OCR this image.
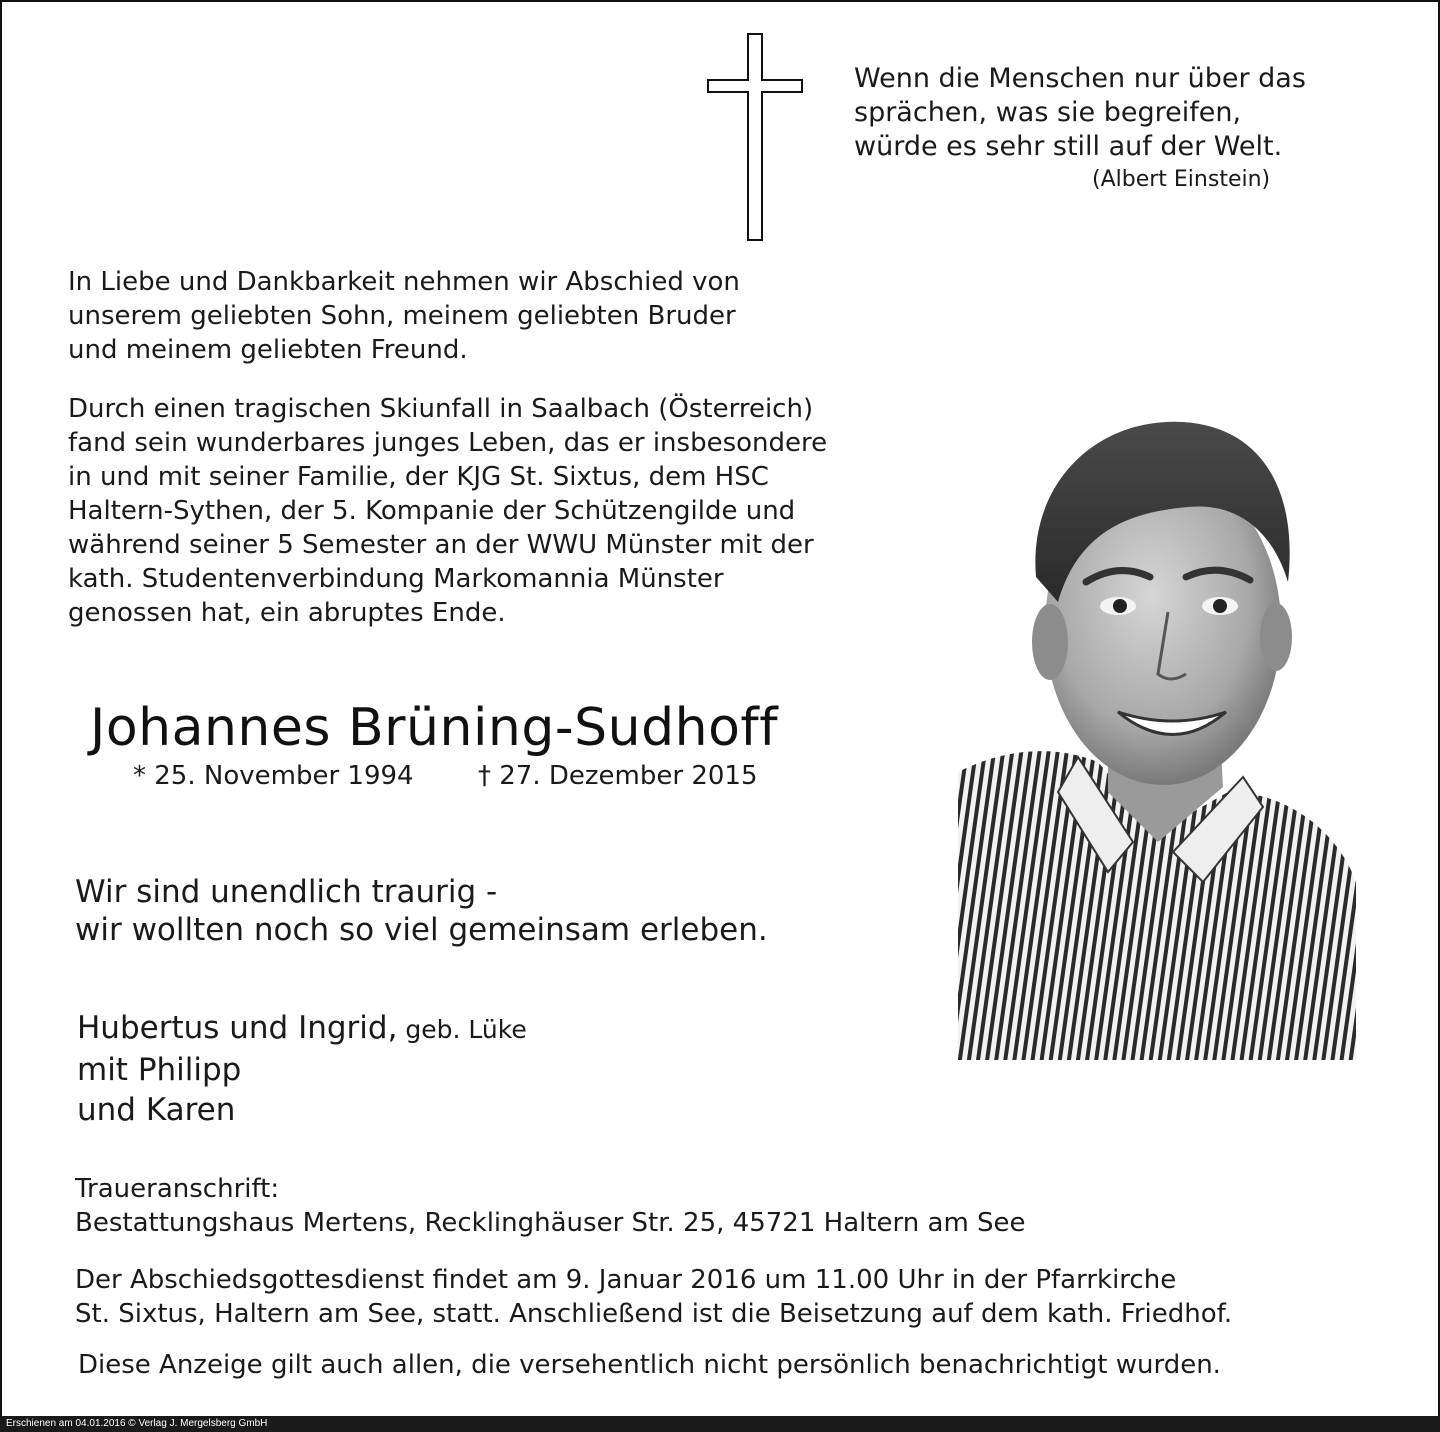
Wenn die Menschen nur über das
sprächen, was sie begreifen,
würde es sehr still auf der Welt.
(Albert Einstein)
In Liebe und Dankbarkeit nehmen wir Abschied von
unserem geliebten Sohn, meinem geliebten Bruder
und meinem geliebten Freund.
Durch einen tragischen Skiunfall in Saalbach (Österreich)
fand sein wunderbares junges Leben, das er insbesondere
in und mit seiner Familie, der KJG St. Sixtus, dem HSC
Haltern-Sythen, der 5. Kompanie der Schützengilde und
während seiner 5 Semester an der WWU Münster mit der
kath. Studentenverbindung Markomannia Münster
genossen hat, ein abruptes Ende.
Johannes Brüning-Sudhoff
* 25. November 1994 † 27. Dezember 2015
Wir sind unendlich traurig -
wir wollten noch so viel gemeinsam erleben.
Hubertus und Ingrid, geb. Lüke
mit Philipp
und Karen
Traueranschrift:
Bestattungshaus Mertens, Recklinghäuser Str. 25, 45721 Haltern am See
Der Abschiedsgottesdienst findet am 9. Januar 2016 um 11.00 Uhr in der Pfarrkirche
St. Sixtus, Haltern am See, statt. Anschließend ist die Beisetzung auf dem kath. Friedhof.
Diese Anzeige gilt auch allen, die versehentlich nicht persönlich benachrichtigt wurden.
Erschienen am 04.01.2016 © Verlag J. Mergelsberg GmbH
